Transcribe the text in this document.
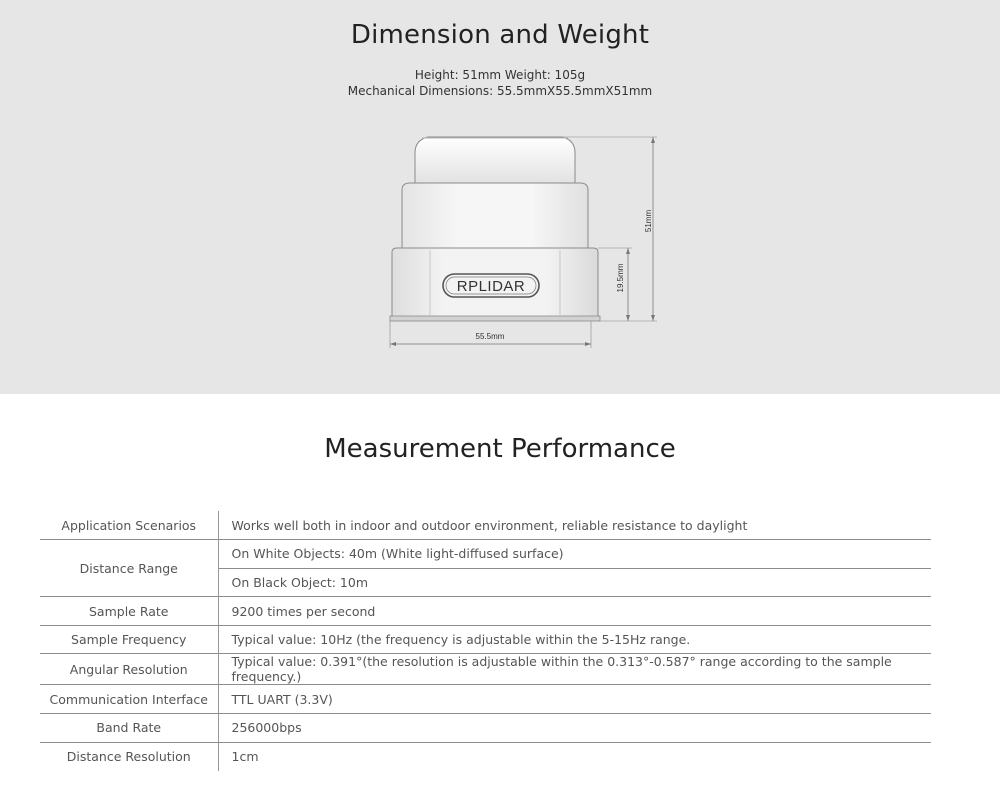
Dimension and Weight
Height: 51mm Weight: 105g
Mechanical Dimensions: 55.5mmX55.5mmX51mm
RPLIDAR
51mm
19.5mm
55.5mm
Measurement Performance
Application Scenarios	Works well both in indoor and outdoor environment, reliable resistance to daylight
Distance Range	On White Objects: 40m (White light-diffused surface)
	On Black Object: 10m
Sample Rate	9200 times per second
Sample Frequency	Typical value: 10Hz (the frequency is adjustable within the 5-15Hz range.
Angular Resolution	Typical value: 0.391°(the resolution is adjustable within the 0.313°-0.587° range according to the sample frequency.)
Communication Interface	TTL UART (3.3V)
Band Rate	256000bps
Distance Resolution	1cm
